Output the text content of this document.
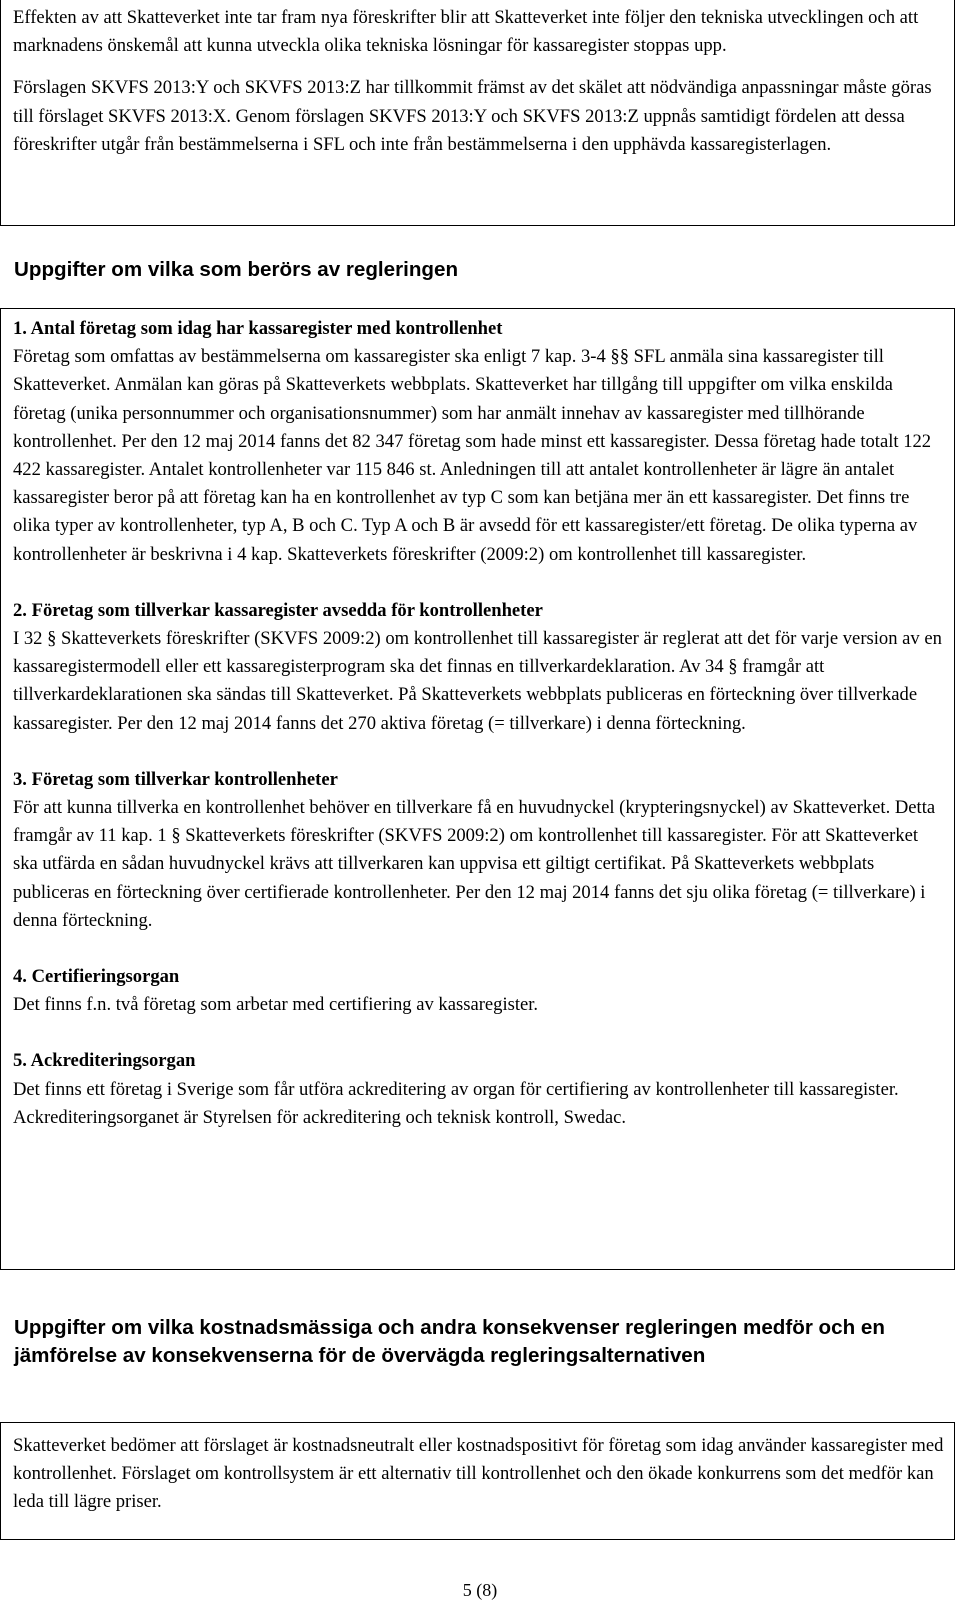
Effekten av att Skatteverket inte tar fram nya föreskrifter blir att Skatteverket inte följer den tekniska utvecklingen och att marknadens önskemål att kunna utveckla olika tekniska lösningar för kassaregister stoppas upp.

Förslagen SKVFS 2013:Y och SKVFS 2013:Z har tillkommit främst av det skälet att nödvändiga anpassningar måste göras till förslaget SKVFS 2013:X. Genom förslagen SKVFS 2013:Y och SKVFS 2013:Z uppnås samtidigt fördelen att dessa föreskrifter utgår från bestämmelserna i SFL och inte från bestämmelserna i den upphävda kassaregisterlagen.

Uppgifter om vilka som berörs av regleringen
1. Antal företag som idag har kassaregister med kontrollenhet
Företag som omfattas av bestämmelserna om kassaregister ska enligt 7 kap. 3-4 §§ SFL anmäla sina kassaregister till Skatteverket. Anmälan kan göras på Skatteverkets webbplats. Skatteverket har tillgång till uppgifter om vilka enskilda företag (unika personnummer och organisationsnummer) som har anmält innehav av kassaregister med tillhörande kontrollenhet. Per den 12 maj 2014 fanns det 82 347 företag som hade minst ett kassaregister. Dessa företag hade totalt 122 422 kassaregister. Antalet kontrollenheter var 115 846 st. Anledningen till att antalet kontrollenheter är lägre än antalet kassaregister beror på att företag kan ha en kontrollenhet av typ C som kan betjäna mer än ett kassaregister. Det finns tre olika typer av kontrollenheter, typ A, B och C. Typ A och B är avsedd för ett kassaregister/ett företag. De olika typerna av kontrollenheter är beskrivna i 4 kap. Skatteverkets föreskrifter (2009:2) om kontrollenhet till kassaregister.
2. Företag som tillverkar kassaregister avsedda för kontrollenheter
I 32 § Skatteverkets föreskrifter (SKVFS 2009:2) om kontrollenhet till kassaregister är reglerat att det för varje version av en kassaregistermodell eller ett kassaregisterprogram ska det finnas en tillverkardeklaration. Av 34 § framgår att tillverkardeklarationen ska sändas till Skatteverket. På Skatteverkets webbplats publiceras en förteckning över tillverkade kassaregister. Per den 12 maj 2014 fanns det 270 aktiva företag (= tillverkare) i denna förteckning.
3. Företag som tillverkar kontrollenheter
För att kunna tillverka en kontrollenhet behöver en tillverkare få en huvudnyckel (krypteringsnyckel) av Skatteverket. Detta framgår av 11 kap. 1 § Skatteverkets föreskrifter (SKVFS 2009:2) om kontrollenhet till kassaregister. För att Skatteverket ska utfärda en sådan huvudnyckel krävs att tillverkaren kan uppvisa ett giltigt certifikat. På Skatteverkets webbplats publiceras en förteckning över certifierade kontrollenheter. Per den 12 maj 2014 fanns det sju olika företag (= tillverkare) i denna förteckning.
4. Certifieringsorgan
Det finns f.n. två företag som arbetar med certifiering av kassaregister.
5. Ackrediteringsorgan
Det finns ett företag i Sverige som får utföra ackreditering av organ för certifiering av kontrollenheter till kassaregister. Ackrediteringsorganet är Styrelsen för ackreditering och teknisk kontroll, Swedac.
Uppgifter om vilka kostnadsmässiga och andra konsekvenser regleringen medför och en jämförelse av konsekvenserna för de övervägda regleringsalternativen

Skatteverket bedömer att förslaget är kostnadsneutralt eller kostnadspositivt för företag som idag använder kassaregister med kontrollenhet. Förslaget om kontrollsystem är ett alternativ till kontrollenhet och den ökade konkurrens som det medför kan leda till lägre priser.

5 (8)
